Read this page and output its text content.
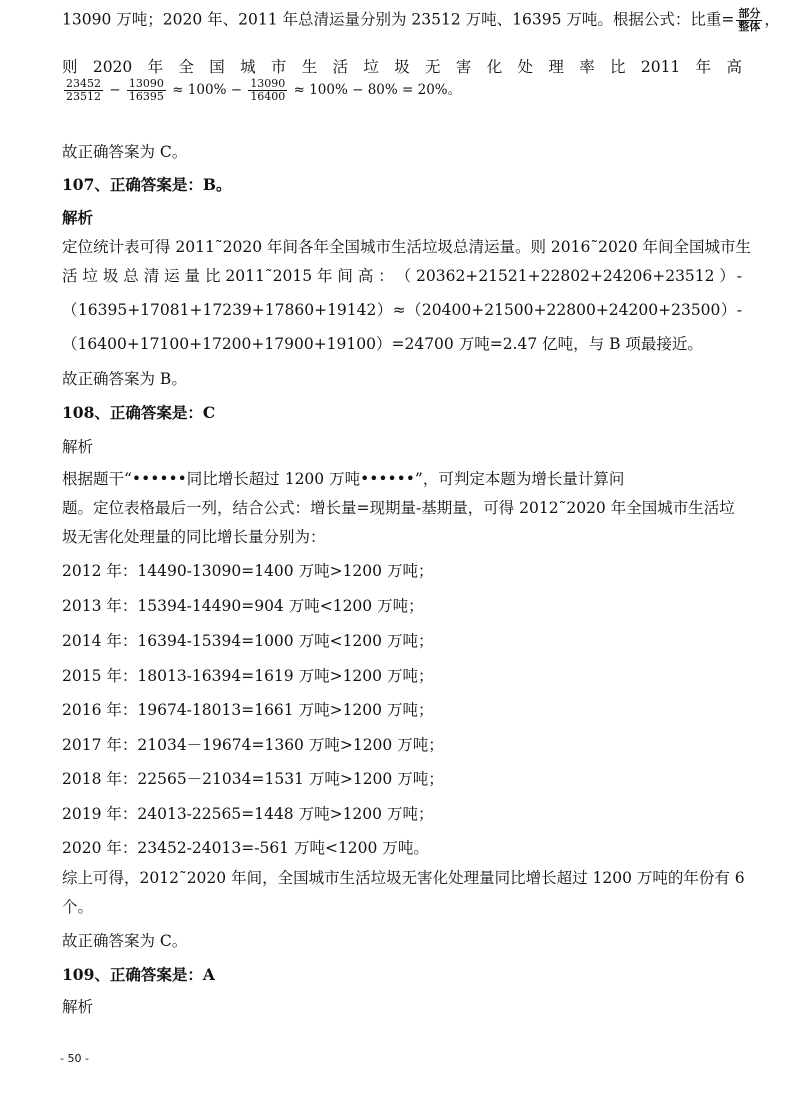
13090 万吨；2020 年、2011 年总清运量分别为 23512 万吨、16395 万吨。根据公式：比重= $\frac{\text{部分}}{\text{整体}}$ ，
则 2020 年 全 国 城 市 生 活 垃 圾 无 害 化 处 理 率 比 2011 年 高
$\frac{23452}{23512} - \frac{13090}{16395} \approx 100\% - \frac{13090}{16400} \approx 100\% - 80\% = 20\%$。
故正确答案为 C。
107、正确答案是：B。
解析
定位统计表可得 2011˜2020 年间各年全国城市生活垃圾总清运量。则 2016˜2020 年间全国城市生
活 垃 圾 总 清 运 量 比 2011˜2015 年 间 高 ： （ 20362+21521+22802+24206+23512 ） -
（ 16395+17081+17239+17860+19142 ） ≈ （ 20400+21500+22800+24200+23500 ） -
（16400+17100+17200+17900+19100）=24700 万吨=2.47 亿吨，与 B 项最接近。
故正确答案为 B。
108、正确答案是：C
解析
根据题干“••••••同比增长超过 1200 万吨••••••”，可判定本题为增长量计算问
题。定位表格最后一列，结合公式：增长量=现期量-基期量，可得 2012˜2020 年全国城市生活垃
圾无害化处理量的同比增长量分别为：
2012 年：14490-13090=1400 万吨>1200 万吨；
2013 年：15394-14490=904 万吨<1200 万吨；
2014 年：16394-15394=1000 万吨<1200 万吨；
2015 年：18013-16394=1619 万吨>1200 万吨；
2016 年：19674-18013=1661 万吨>1200 万吨；
2017 年：21034－19674=1360 万吨>1200 万吨；
2018 年：22565－21034=1531 万吨>1200 万吨；
2019 年：24013-22565=1448 万吨>1200 万吨；
2020 年：23452-24013=-561 万吨<1200 万吨。
综上可得，2012˜2020 年间，全国城市生活垃圾无害化处理量同比增长超过 1200 万吨的年份有 6
个。
故正确答案为 C。
109、正确答案是：A
解析
- 50 -
